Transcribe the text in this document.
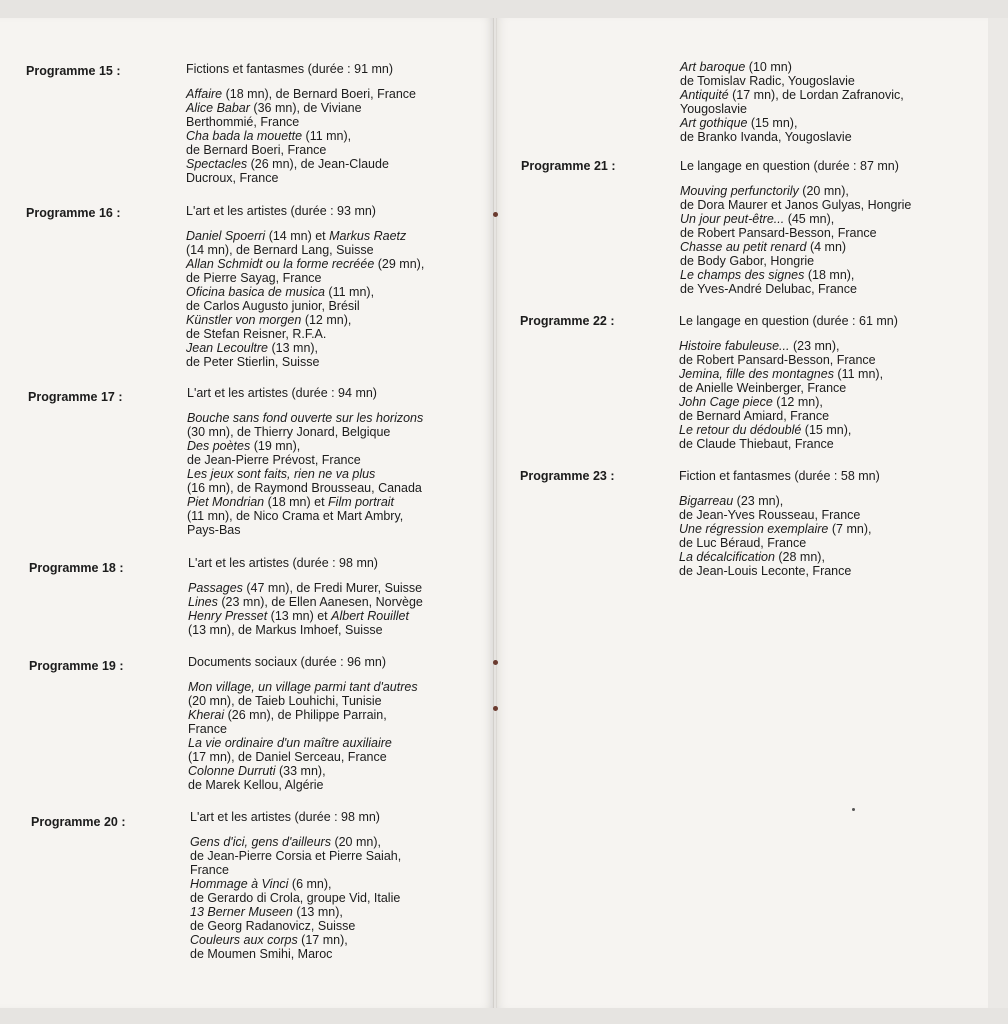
Programme 15 :	Fictions et fantasmes (durée : 91 mn)
Affaire (18 mn), de Bernard Boeri, France
Alice Babar (36 mn), de Viviane
Berthommié, France
Cha bada la mouette (11 mn),
de Bernard Boeri, France
Spectacles (26 mn), de Jean-Claude
Ducroux, France
Programme 16 :	L'art et les artistes (durée : 93 mn)
Daniel Spoerri (14 mn) et Markus Raetz
(14 mn), de Bernard Lang, Suisse
Allan Schmidt ou la forme recréée (29 mn),
de Pierre Sayag, France
Oficina basica de musica (11 mn),
de Carlos Augusto junior, Brésil
Künstler von morgen (12 mn),
de Stefan Reisner, R.F.A.
Jean Lecoultre (13 mn),
de Peter Stierlin, Suisse
Programme 17 :	L'art et les artistes (durée : 94 mn)
Bouche sans fond ouverte sur les horizons
(30 mn), de Thierry Jonard, Belgique
Des poètes (19 mn),
de Jean-Pierre Prévost, France
Les jeux sont faits, rien ne va plus
(16 mn), de Raymond Brousseau, Canada
Piet Mondrian (18 mn) et Film portrait
(11 mn), de Nico Crama et Mart Ambry,
Pays-Bas
Programme 18 :	L'art et les artistes (durée : 98 mn)
Passages (47 mn), de Fredi Murer, Suisse
Lines (23 mn), de Ellen Aanesen, Norvège
Henry Presset (13 mn) et Albert Rouillet
(13 mn), de Markus Imhoef, Suisse
Programme 19 :	Documents sociaux (durée : 96 mn)
Mon village, un village parmi tant d'autres
(20 mn), de Taieb Louhichi, Tunisie
Kherai (26 mn), de Philippe Parrain,
France
La vie ordinaire d'un maître auxiliaire
(17 mn), de Daniel Serceau, France
Colonne Durruti (33 mn),
de Marek Kellou, Algérie
Programme 20 :	L'art et les artistes (durée : 98 mn)
Gens d'ici, gens d'ailleurs (20 mn),
de Jean-Pierre Corsia et Pierre Saiah,
France
Hommage à Vinci (6 mn),
de Gerardo di Crola, groupe Vid, Italie
13 Berner Museen (13 mn),
de Georg Radanovicz, Suisse
Couleurs aux corps (17 mn),
de Moumen Smihi, Maroc
Art baroque (10 mn)
de Tomislav Radic, Yougoslavie
Antiquité (17 mn), de Lordan Zafranovic,
Yougoslavie
Art gothique (15 mn),
de Branko Ivanda, Yougoslavie
Programme 21 :	Le langage en question (durée : 87 mn)
Mouving perfunctorily (20 mn),
de Dora Maurer et Janos Gulyas, Hongrie
Un jour peut-être... (45 mn),
de Robert Pansard-Besson, France
Chasse au petit renard (4 mn)
de Body Gabor, Hongrie
Le champs des signes (18 mn),
de Yves-André Delubac, France
Programme 22 :	Le langage en question (durée : 61 mn)
Histoire fabuleuse... (23 mn),
de Robert Pansard-Besson, France
Jemina, fille des montagnes (11 mn),
de Anielle Weinberger, France
John Cage piece (12 mn),
de Bernard Amiard, France
Le retour du dédoublé (15 mn),
de Claude Thiebaut, France
Programme 23 :	Fiction et fantasmes (durée : 58 mn)
Bigarreau (23 mn),
de Jean-Yves Rousseau, France
Une régression exemplaire (7 mn),
de Luc Béraud, France
La décalcification (28 mn),
de Jean-Louis Leconte, France
